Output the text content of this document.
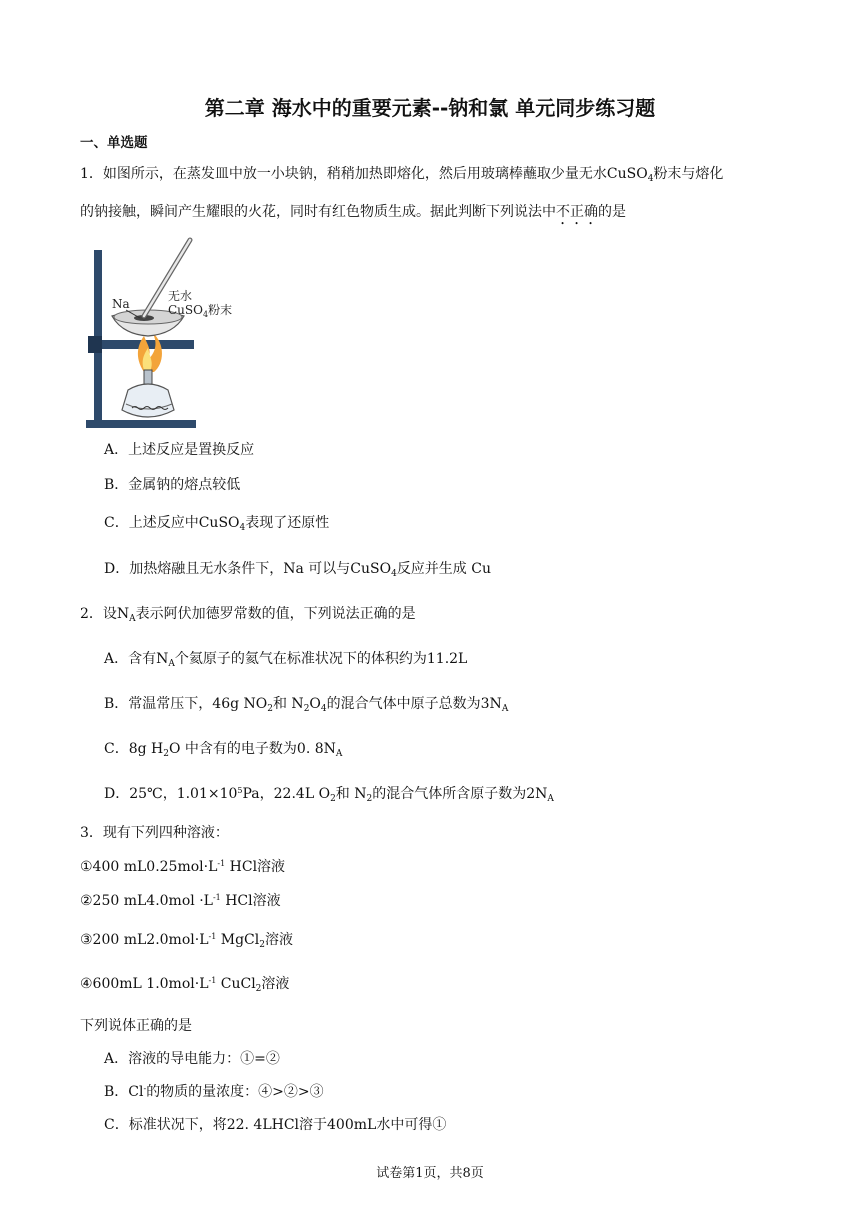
第二章 海水中的重要元素--钠和氯 单元同步练习题
一、单选题
1．如图所示，在蒸发皿中放一小块钠，稍稍加热即熔化，然后用玻璃棒蘸取少量无水CuSO$_4$粉末与熔化
的钠接触，瞬间产生耀眼的火花，同时有红色物质生成。据此判断下列说法中不正确的是
Na
无水
CuSO$_4$粉末
A．上述反应是置换反应
B．金属钠的熔点较低
C．上述反应中CuSO$_4$表现了还原性
D．加热熔融且无水条件下，Na 可以与CuSO$_4$反应并生成 Cu
2．设$N_A$表示阿伏加德罗常数的值，下列说法正确的是
A．含有$N_A$个氦原子的氦气在标准状况下的体积约为11.2L
B．常温常压下，46g $NO_2$和 $N_2O_4$的混合气体中原子总数为$3N_A$
C．8g $H_2O$ 中含有的电子数为0. $8N_A$
D．25℃，$1.01\times 10^5Pa$，22.4L $O_2$和 $N_2$的混合气体所含原子数为$2N_A$
3．现有下列四种溶液：
①400 $mL0.25mol\cdot L^{-1}$ HCl溶液
②250 $mL4.0mol \cdot L^{-1}$ HCl溶液
③200 $mL2.0mol\cdot L^{-1}$ MgCl$_2$溶液
④600mL $1.0mol\cdot L^{-1}$ CuCl$_2$溶液
下列说体正确的是
A．溶液的导电能力：①=②
B．Cl-的物质的量浓度：④>②>③
C．标准状况下，将22. 4LHCl溶于400mL水中可得①
试卷第1页，共8页
